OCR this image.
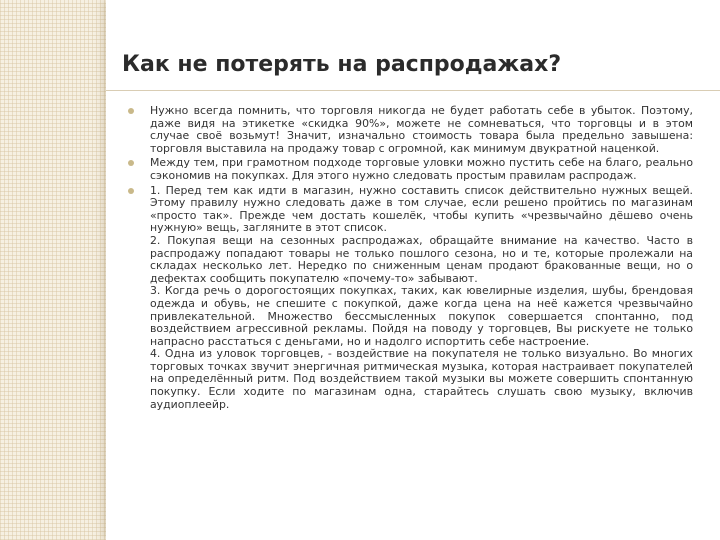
Как не потерять на распродажах?
Нужно всегда помнить, что торговля никогда не будет работать себе в убыток. Поэтому, даже видя на этикетке «скидка 90%», можете не сомневаться, что торговцы и в этом случае своё возьмут! Значит, изначально стоимость товара была предельно завышена: торговля выставила на продажу товар с огромной, как минимум двукратной наценкой.
Между тем, при грамотном подходе торговые уловки можно пустить себе на благо, реально сэкономив на покупках. Для этого нужно следовать простым правилам распродаж.
1. Перед тем как идти в магазин, нужно составить список действительно нужных вещей. Этому правилу нужно следовать даже в том случае, если решено пройтись по магазинам «просто так». Прежде чем достать кошелёк, чтобы купить «чрезвычайно дёшево очень нужную» вещь, загляните в этот список.
2. Покупая вещи на сезонных распродажах, обращайте внимание на качество. Часто в распродажу попадают товары не только пошлого сезона, но и те, которые пролежали на складах несколько лет. Нередко по сниженным ценам продают бракованные вещи, но о дефектах сообщить покупателю «почему-то» забывают.
3. Когда речь о дорогостоящих покупках, таких, как ювелирные изделия, шубы, брендовая одежда и обувь, не спешите с покупкой, даже когда цена на неё кажется чрезвычайно привлекательной. Множество бессмысленных покупок совершается спонтанно, под воздействием агрессивной рекламы. Пойдя на поводу у торговцев, Вы рискуете не только напрасно расстаться с деньгами, но и надолго испортить себе настроение.
4. Одна из уловок торговцев, - воздействие на покупателя не только визуально. Во многих торговых точках звучит энергичная ритмическая музыка, которая настраивает покупателей на определённый ритм. Под воздействием такой музыки вы можете совершить спонтанную покупку. Если ходите по магазинам одна, старайтесь слушать свою музыку, включив аудиоплеейр.
